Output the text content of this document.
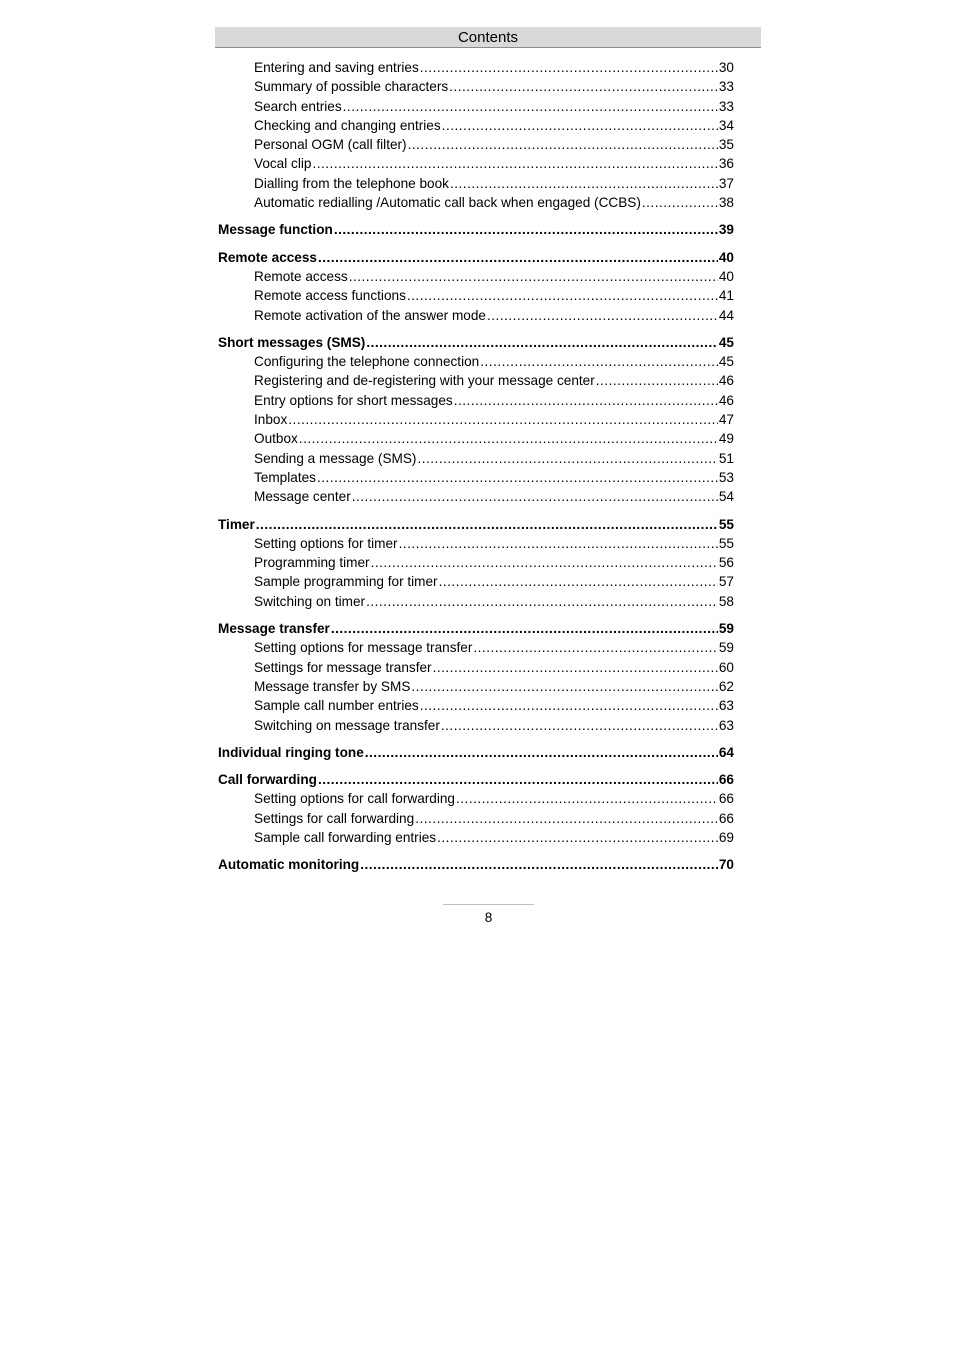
Contents
Entering and saving entries .....	30
Summary of possible characters .....	33
Search entries .....	33
Checking and changing entries .....	34
Personal OGM (call filter) .....	35
Vocal clip .....	36
Dialling from the telephone book .....	37
Automatic redialling /Automatic call back when engaged (CCBS) .....	38
Message function .....	39
Remote access .....	40
Remote access .....	40
Remote access functions .....	41
Remote activation of the answer mode .....	44
Short messages (SMS) .....	45
Configuring the telephone connection .....	45
Registering and de-registering with your message center .....	46
Entry options for short messages .....	46
Inbox .....	47
Outbox .....	49
Sending a message (SMS) .....	51
Templates .....	53
Message center .....	54
Timer .....	55
Setting options for timer .....	55
Programming timer .....	56
Sample programming for timer .....	57
Switching on timer .....	58
Message transfer .....	59
Setting options for message transfer .....	59
Settings for message transfer .....	60
Message transfer by SMS .....	62
Sample call number entries .....	63
Switching on message transfer .....	63
Individual ringing tone .....	64
Call forwarding .....	66
Setting options for call forwarding .....	66
Settings for call forwarding .....	66
Sample call forwarding entries .....	69
Automatic monitoring .....	70
8
